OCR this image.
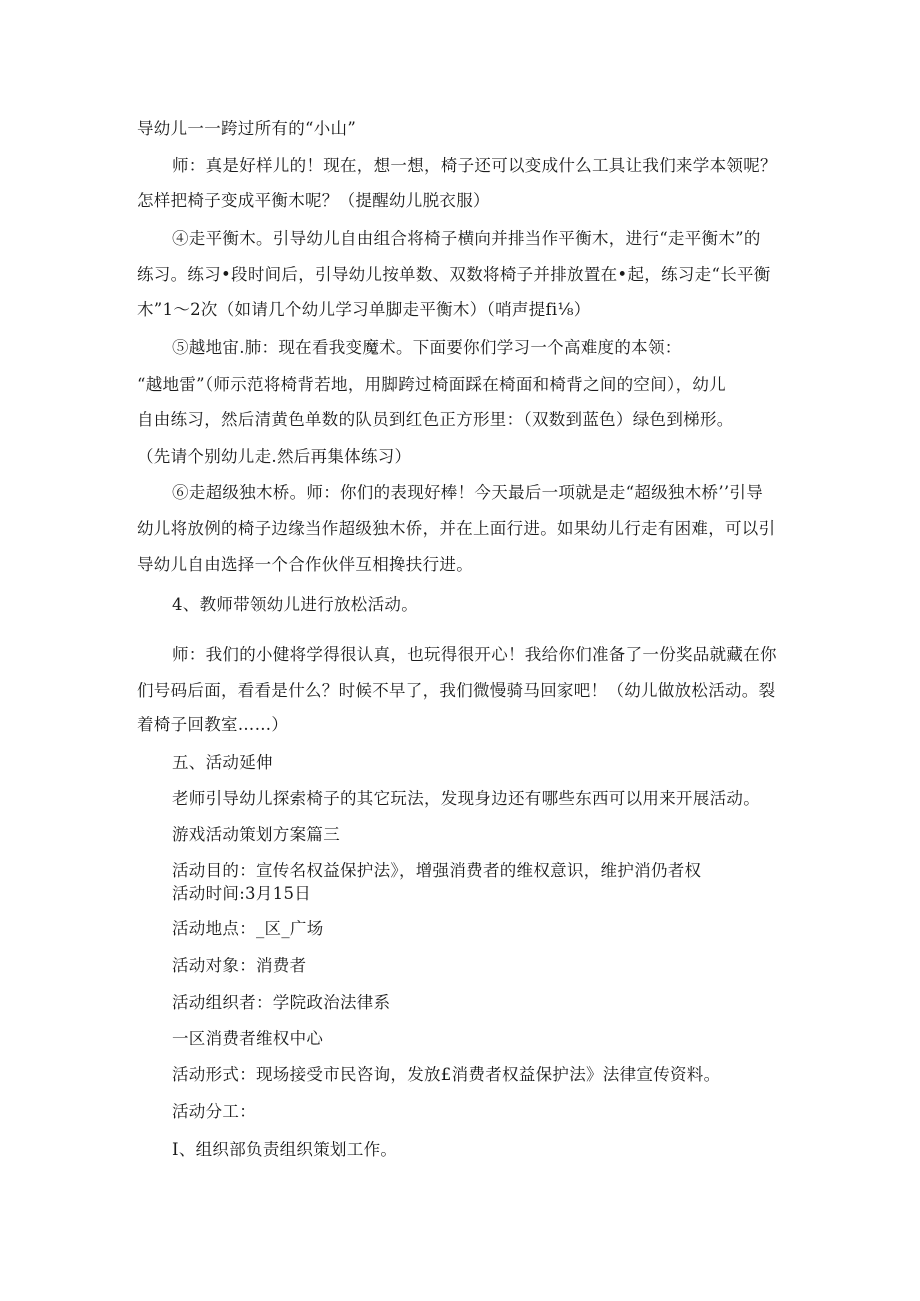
导幼儿一一跨过所有的“小山”
师：真是好样儿的！现在，想一想，椅子还可以变成什么工具让我们来学本领呢？
怎样把椅子变成平衡木呢？（提醒幼儿脱衣服）
④走平衡木。引导幼儿自由组合将椅子横向并排当作平衡木，进行“走平衡木”的
练习。练习•段时间后，引导幼儿按单数、双数将椅子并排放置在•起，练习走“长平衡
木”1～2次（如请几个幼儿学习单脚走平衡木）（哨声提fi⅛）
⑤越地宙.肺：现在看我变魔术。下面要你们学习一个高难度的本领：
“越地雷”（师示范将椅背若地，用脚跨过椅面踩在椅面和椅背之间的空间），幼儿
自由练习，然后清黄色单数的队员到红色正方形里：（双数到蓝色）绿色到梯形。
（先请个别幼儿走.然后再集体练习）
⑥走超级独木桥。师：你们的表现好棒！今天最后一项就是走“超级独木桥’’引导
幼儿将放例的椅子边缘当作超级独木侨，并在上面行进。如果幼儿行走有困难，可以引
导幼儿自由选择一个合作伙伴互相搀扶行进。
4、教师带领幼儿进行放松活动。
师：我们的小健将学得很认真，也玩得很开心！我给你们准备了一份奖品就藏在你
们号码后面，看看是什么？时候不早了，我们微慢骑马回家吧！（幼儿做放松活动。裂
着椅子回教室……）
五、活动延伸
老师引导幼儿探索椅子的其它玩法，发现身边还有哪些东西可以用来开展活动。
游戏活动策划方案篇三
活动目的：宣传名权益保护法》，增强消费者的维权意识，维护消仍者权
活动时间:3月15日
活动地点：_区_广场
活动对象：消费者
活动组织者：学院政治法律系
一区消费者维权中心
活动形式：现场接受市民咨询，发放£消费者权益保护法》法律宣传资料。
活动分工：
I、组织部负责组织策划工作。
